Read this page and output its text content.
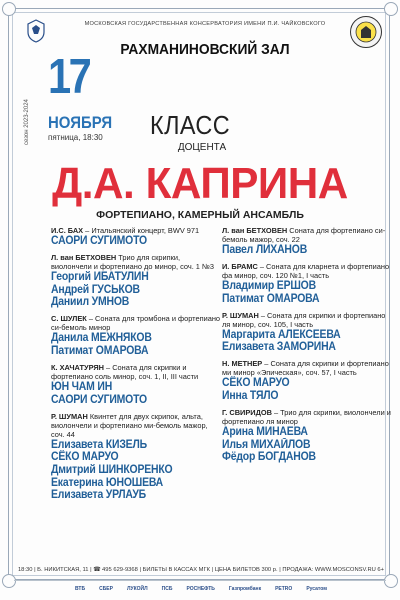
МОСКОВСКАЯ ГОСУДАРСТВЕННАЯ КОНСЕРВАТОРИЯ ИМЕНИ П.И. ЧАЙКОВСКОГО
РАХМАНИНОВСКИЙ ЗАЛ
17
НОЯБРЯ
пятница, 18:30
сезон 2023-2024	КЛАСС
ДОЦЕНТА
Д.А. КАПРИНА
ФОРТЕПИАНО, КАМЕРНЫЙ АНСАМБЛЬ
И.С. БАХ – Итальянский концерт, BWV 971
САОРИ СУГИМОТО
Л. ван БЕТХОВЕН Трио для скрипки, виолончели и фортепиано до минор, соч. 1 №3
Георгий ИБАТУЛИН
Андрей ГУСЬКОВ
Даниил УМНОВ
С. ШУЛЕК – Соната для тромбона и фортепиано си-бемоль минор
Данила МЕЖНЯКОВ
Патимат ОМАРОВА
К. ХАЧАТУРЯН – Соната для скрипки и фортепиано соль минор, соч. 1, II, III части
ЮН ЧАМ ИН
САОРИ СУГИМОТО
Р. ШУМАН Квинтет для двух скрипок, альта, виолончели и фортепиано ми-бемоль мажор, соч. 44
Елизавета КИЗЕЛЬ
СЁКО МАРУО
Дмитрий ШИНКОРЕНКО
Екатерина ЮНОШЕВА
Елизавета УРЛАУБ
Л. ван БЕТХОВЕН Соната для фортепиано си-бемоль мажор, соч. 22
Павел ЛИХАНОВ
И. БРАМС – Соната для кларнета и фортепиано фа минор, соч. 120 №1, I часть
Владимир ЕРШОВ
Патимат ОМАРОВА
Р. ШУМАН – Соната для скрипки и фортепиано ля минор, соч. 105, I часть
Маргарита АЛЕКСЕЕВА
Елизавета ЗАМОРИНА
Н. МЕТНЕР – Соната для скрипки и фортепиано ми минор «Эпическая», соч. 57, I часть
СЁКО МАРУО
Инна ТЯЛО
Г. СВИРИДОВ – Трио для скрипки, виолончели и фортепиано ля минор
Арина МИНАЕВА
Илья МИХАЙЛОВ
Фёдор БОГДАНОВ
18:30 | Б. НИКИТСКАЯ, 11 | ☎ 495 629-9368 | БИЛЕТЫ В КАССАХ МГК | ЦЕНА БИЛЕТОВ 300 р. | ПРОДАЖА: WWW.MOSCONSV.RU 6+
ВТБ	СБЕР	ЛУКОЙЛ	ПСБ	РОСНЕФТЬ	Газпромбанк	PETRO	Русатом
